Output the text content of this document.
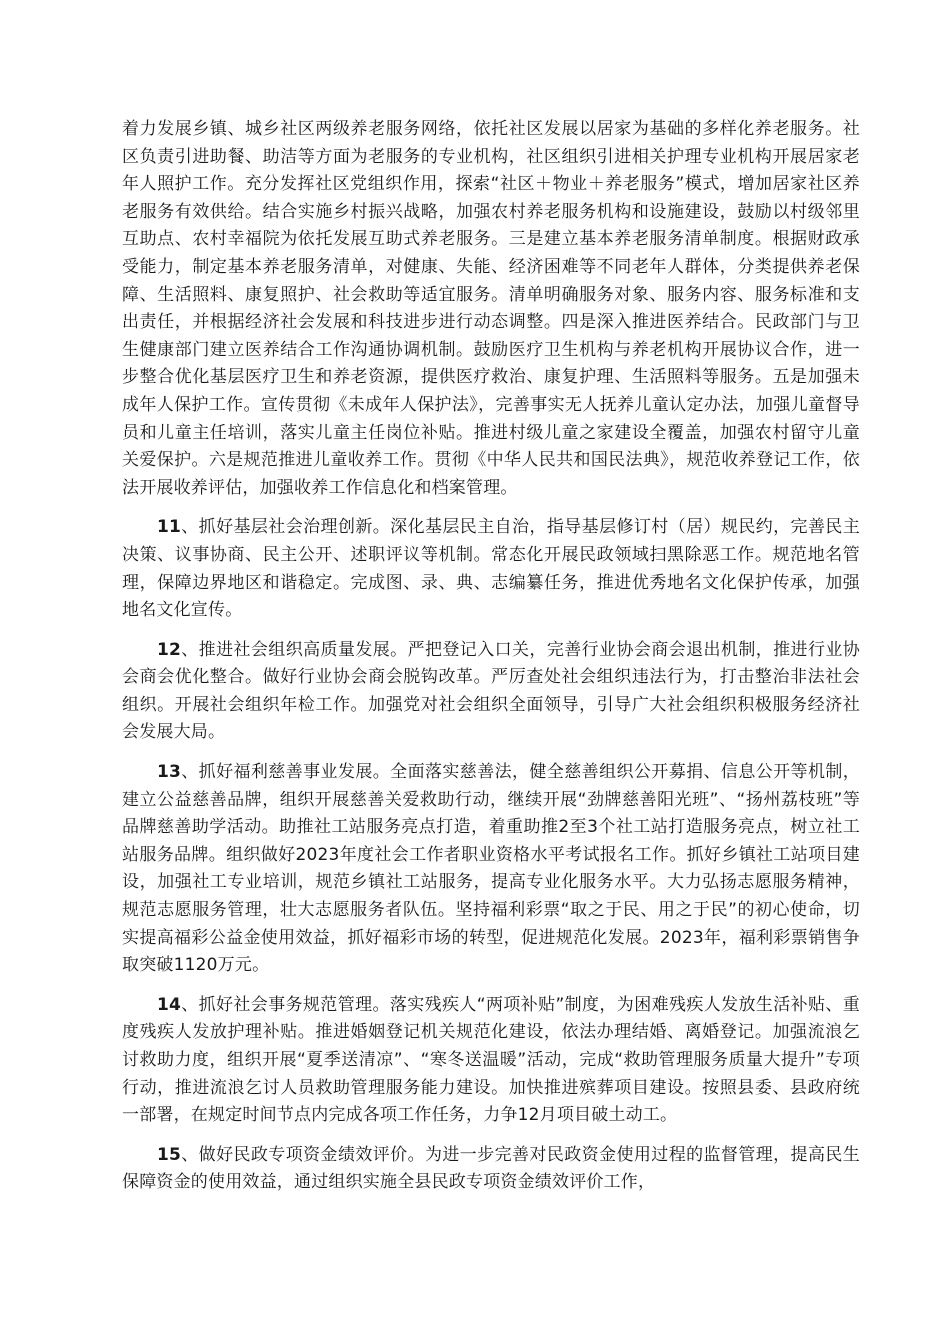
着力发展乡镇、城乡社区两级养老服务网络，依托社区发展以居家为基础的多样化养老服务。社区负责引进助餐、助洁等方面为老服务的专业机构，社区组织引进相关护理专业机构开展居家老年人照护工作。充分发挥社区党组织作用，探索“社区＋物业＋养老服务”模式，增加居家社区养老服务有效供给。结合实施乡村振兴战略，加强农村养老服务机构和设施建设，鼓励以村级邻里互助点、农村幸福院为依托发展互助式养老服务。三是建立基本养老服务清单制度。根据财政承受能力，制定基本养老服务清单，对健康、失能、经济困难等不同老年人群体，分类提供养老保障、生活照料、康复照护、社会救助等适宜服务。清单明确服务对象、服务内容、服务标准和支出责任，并根据经济社会发展和科技进步进行动态调整。四是深入推进医养结合。民政部门与卫生健康部门建立医养结合工作沟通协调机制。鼓励医疗卫生机构与养老机构开展协议合作，进一步整合优化基层医疗卫生和养老资源，提供医疗救治、康复护理、生活照料等服务。五是加强未成年人保护工作。宣传贯彻《未成年人保护法》，完善事实无人抚养儿童认定办法，加强儿童督导员和儿童主任培训，落实儿童主任岗位补贴。推进村级儿童之家建设全覆盖，加强农村留守儿童关爱保护。六是规范推进儿童收养工作。贯彻《中华人民共和国民法典》，规范收养登记工作，依法开展收养评估，加强收养工作信息化和档案管理。

11、抓好基层社会治理创新。深化基层民主自治，指导基层修订村（居）规民约，完善民主决策、议事协商、民主公开、述职评议等机制。常态化开展民政领域扫黑除恶工作。规范地名管理，保障边界地区和谐稳定。完成图、录、典、志编纂任务，推进优秀地名文化保护传承，加强地名文化宣传。

12、推进社会组织高质量发展。严把登记入口关，完善行业协会商会退出机制，推进行业协会商会优化整合。做好行业协会商会脱钩改革。严厉查处社会组织违法行为，打击整治非法社会组织。开展社会组织年检工作。加强党对社会组织全面领导，引导广大社会组织积极服务经济社会发展大局。

13、抓好福利慈善事业发展。全面落实慈善法，健全慈善组织公开募捐、信息公开等机制，建立公益慈善品牌，组织开展慈善关爱救助行动，继续开展“劲牌慈善阳光班”、“扬州荔枝班”等品牌慈善助学活动。助推社工站服务亮点打造，着重助推2至3个社工站打造服务亮点，树立社工站服务品牌。组织做好2023年度社会工作者职业资格水平考试报名工作。抓好乡镇社工站项目建设，加强社工专业培训，规范乡镇社工站服务，提高专业化服务水平。大力弘扬志愿服务精神，规范志愿服务管理，壮大志愿服务者队伍。坚持福利彩票“取之于民、用之于民”的初心使命，切实提高福彩公益金使用效益，抓好福彩市场的转型，促进规范化发展。2023年，福利彩票销售争取突破1120万元。

14、抓好社会事务规范管理。落实残疾人“两项补贴”制度，为困难残疾人发放生活补贴、重度残疾人发放护理补贴。推进婚姻登记机关规范化建设，依法办理结婚、离婚登记。加强流浪乞讨救助力度，组织开展“夏季送清凉”、“寒冬送温暖”活动，完成“救助管理服务质量大提升”专项行动，推进流浪乞讨人员救助管理服务能力建设。加快推进殡葬项目建设。按照县委、县政府统一部署，在规定时间节点内完成各项工作任务，力争12月项目破土动工。

15、做好民政专项资金绩效评价。为进一步完善对民政资金使用过程的监督管理，提高民生保障资金的使用效益，通过组织实施全县民政专项资金绩效评价工作，
